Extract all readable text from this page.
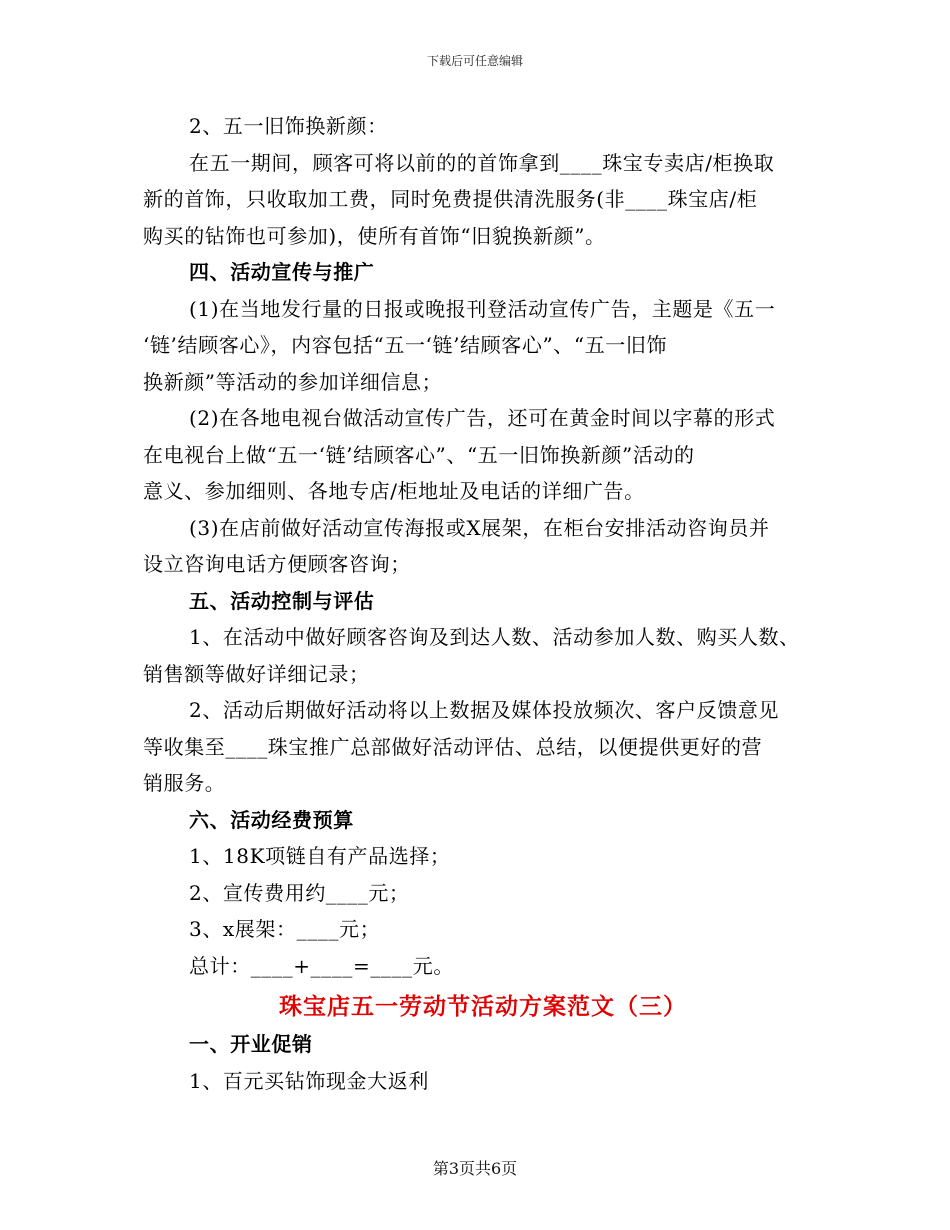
下载后可任意编辑
2、五一旧饰换新颜：
在五一期间，顾客可将以前的的首饰拿到____珠宝专卖店/柜换取
新的首饰，只收取加工费，同时免费提供清洗服务(非____珠宝店/柜
购买的钻饰也可参加)，使所有首饰“旧貌换新颜”。
四、活动宣传与推广
(1)在当地发行量的日报或晚报刊登活动宣传广告，主题是《五一
‘链’结顾客心》，内容包括“五一‘链’结顾客心”、“五一旧饰
换新颜”等活动的参加详细信息；
(2)在各地电视台做活动宣传广告，还可在黄金时间以字幕的形式
在电视台上做“五一‘链’结顾客心”、“五一旧饰换新颜”活动的
意义、参加细则、各地专店/柜地址及电话的详细广告。
(3)在店前做好活动宣传海报或X展架，在柜台安排活动咨询员并
设立咨询电话方便顾客咨询；
五、活动控制与评估
1、在活动中做好顾客咨询及到达人数、活动参加人数、购买人数、
销售额等做好详细记录；
2、活动后期做好活动将以上数据及媒体投放频次、客户反馈意见
等收集至____珠宝推广总部做好活动评估、总结，以便提供更好的营
销服务。
六、活动经费预算
1、18K项链自有产品选择；
2、宣传费用约____元；
3、x展架：____元；
总计：____+____=____元。
珠宝店五一劳动节活动方案范文（三）
一、开业促销
1、百元买钻饰现金大返利
第3页共6页
